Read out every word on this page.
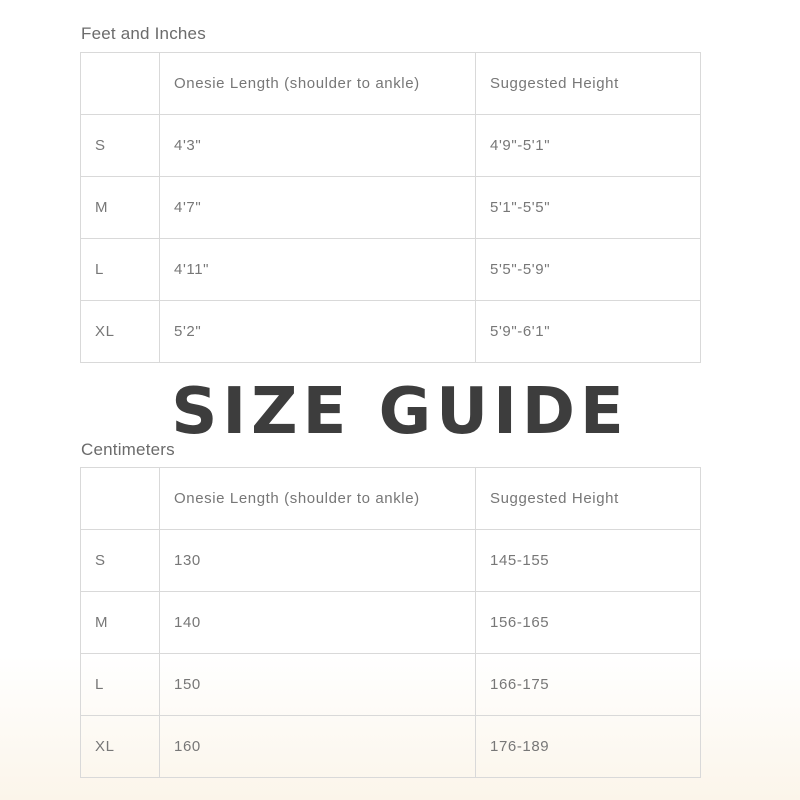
Feet and Inches
	Onesie Length (shoulder to ankle)	Suggested Height
S	4'3"	4'9"-5'1"
M	4'7"	5'1"-5'5"
L	4'11"	5'5"-5'9"
XL	5'2"	5'9"-6'1"
SIZE GUIDE
Centimeters
	Onesie Length (shoulder to ankle)	Suggested Height
S	130	145-155
M	140	156-165
L	150	166-175
XL	160	176-189
